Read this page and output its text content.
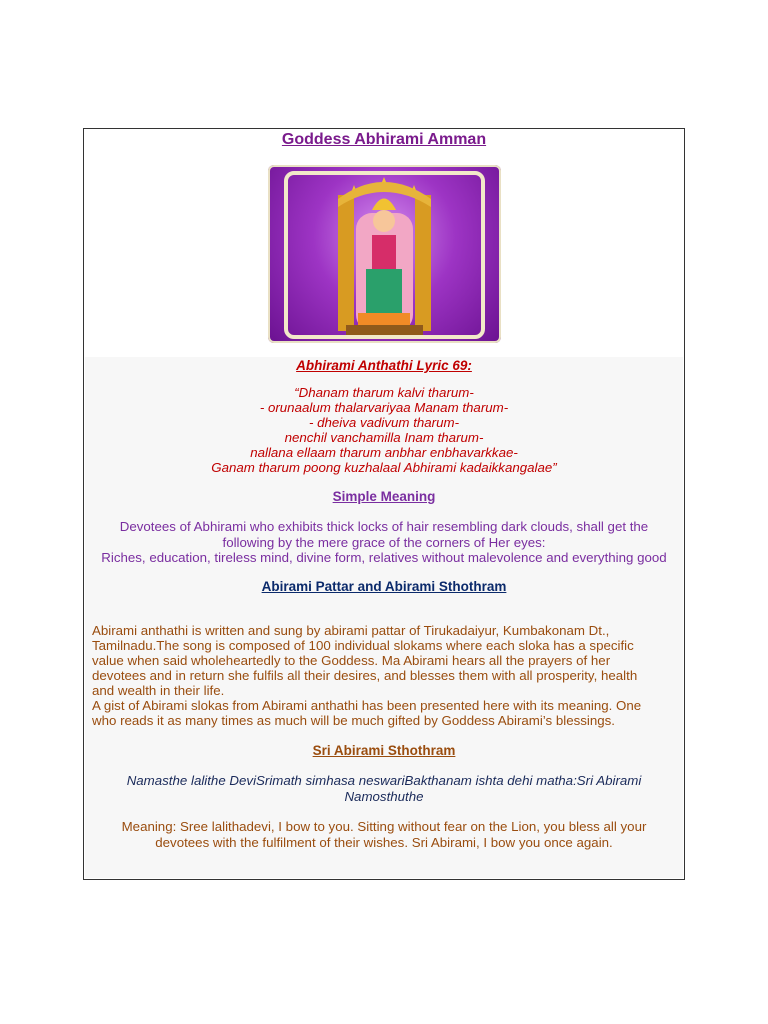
Goddess Abhirami Amman
Abhirami Anthathi Lyric 69:
“Dhanam tharum kalvi tharum-
- orunaalum thalarvariyaa Manam tharum-
- dheiva vadivum tharum-
nenchil vanchamilla Inam tharum-
nallana ellaam tharum anbhar enbhavarkkae-
Ganam tharum poong kuzhalaal Abhirami kadaikkangalae”
Simple Meaning
Devotees of Abhirami who exhibits thick locks of hair resembling dark clouds, shall get the
following by the mere grace of the corners of Her eyes:
Riches, education, tireless mind, divine form, relatives without malevolence and everything good
Abirami Pattar and Abirami Sthothram
Abirami anthathi is written and sung by abirami pattar of Tirukadaiyur, Kumbakonam Dt.,
Tamilnadu.The song is composed of 100 individual slokams where each sloka has a specific
value when said wholeheartedly to the Goddess. Ma Abirami hears all the prayers of her
devotees and in return she fulfils all their desires, and blesses them with all prosperity, health
and wealth in their life.
A gist of Abirami slokas from Abirami anthathi has been presented here with its meaning. One
who reads it as many times as much will be much gifted by Goddess Abirami’s blessings.
Sri Abirami Sthothram
Namasthe lalithe DeviSrimath simhasa neswariBakthanam ishta dehi matha:Sri Abirami
Namosthuthe
Meaning: Sree lalithadevi, I bow to you. Sitting without fear on the Lion, you bless all your
devotees with the fulfilment of their wishes. Sri Abirami, I bow you once again.
